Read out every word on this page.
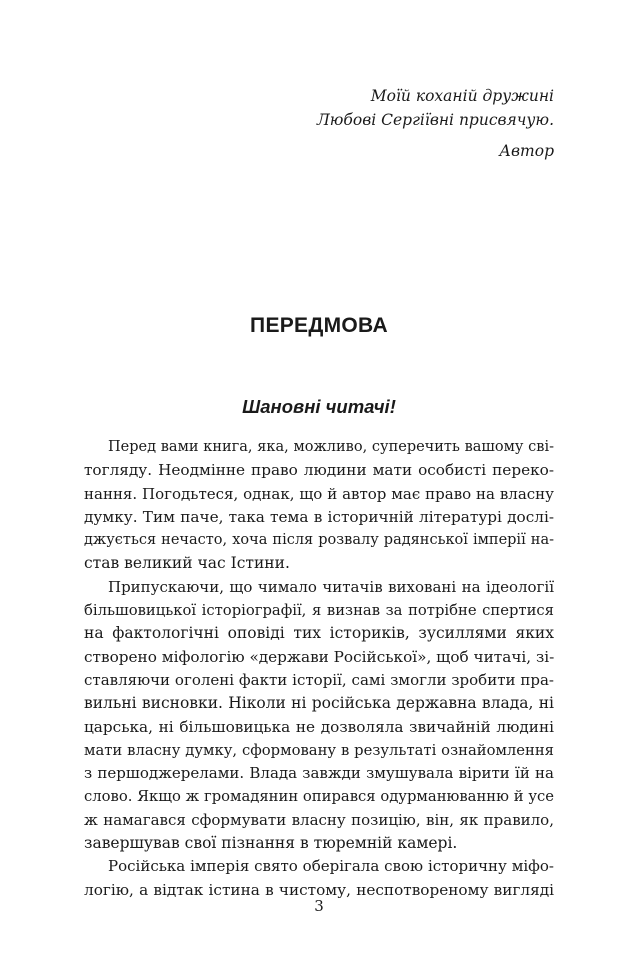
Моїй коханій дружині
Любові Сергіївні присвячую.
Автор
ПЕРЕДМОВА
Шановні читачі!
Перед вами книга, яка, можливо, суперечить вашому сві-
тогляду. Неодмінне право людини мати особисті переко-
нання. Погодьтеся, однак, що й автор має право на власну
думку. Тим паче, така тема в історичній літературі дослі-
джується нечасто, хоча після розвалу радянської імперії на-
став великий час Істини.
Припускаючи, що чимало читачів виховані на ідеології
більшовицької історіографії, я визнав за потрібне спертися
на фактологічні оповіді тих істориків, зусиллями яких
створено міфологію «держави Російської», щоб читачі, зі-
ставляючи оголені факти історії, самі змогли зробити пра-
вильні висновки. Ніколи ні російська державна влада, ні
царська, ні більшовицька не дозволяла звичайній людині
мати власну думку, сформовану в результаті ознайомлення
з першоджерелами. Влада завжди змушувала вірити їй на
слово. Якщо ж громадянин опирався одурманюванню й усе
ж намагався сформувати власну позицію, він, як правило,
завершував свої пізнання в тюремній камері.
Російська імперія свято оберігала свою історичну міфо-
логію, а відтак істина в чистому, неспотвореному вигляді
3
